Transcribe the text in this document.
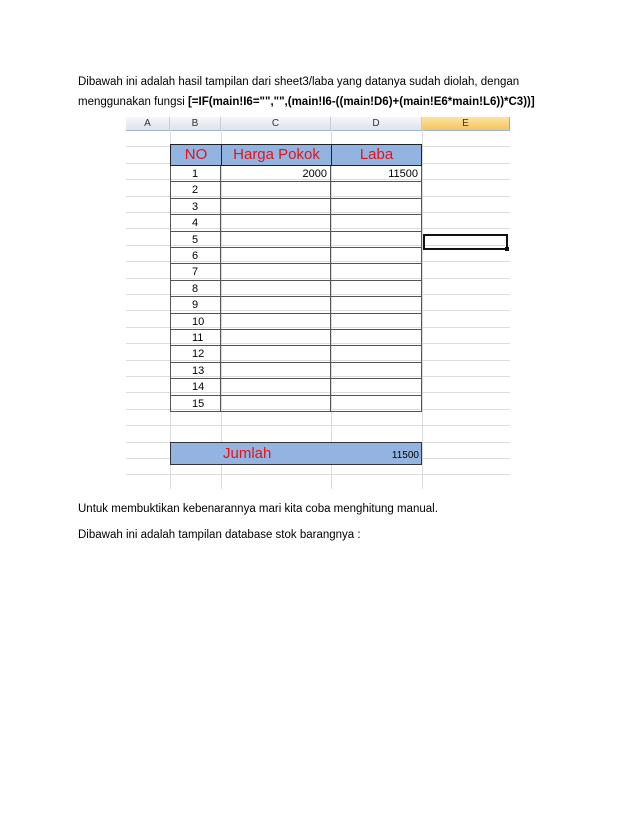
Dibawah ini adalah hasil tampilan dari sheet3/laba yang datanya sudah diolah, dengan menggunakan fungsi [=IF(main!I6="","",(main!I6-((main!D6)+(main!E6*main!L6))*C3))]

A	B	C	D	E
NO	Harga Pokok	Laba
1	2000	11500
2
3
4
5
6
7
8
9
10
11
12
13
14
15
Jumlah	11500

Untuk membuktikan kebenarannya mari kita coba menghitung manual.

Dibawah ini adalah tampilan database stok barangnya :
